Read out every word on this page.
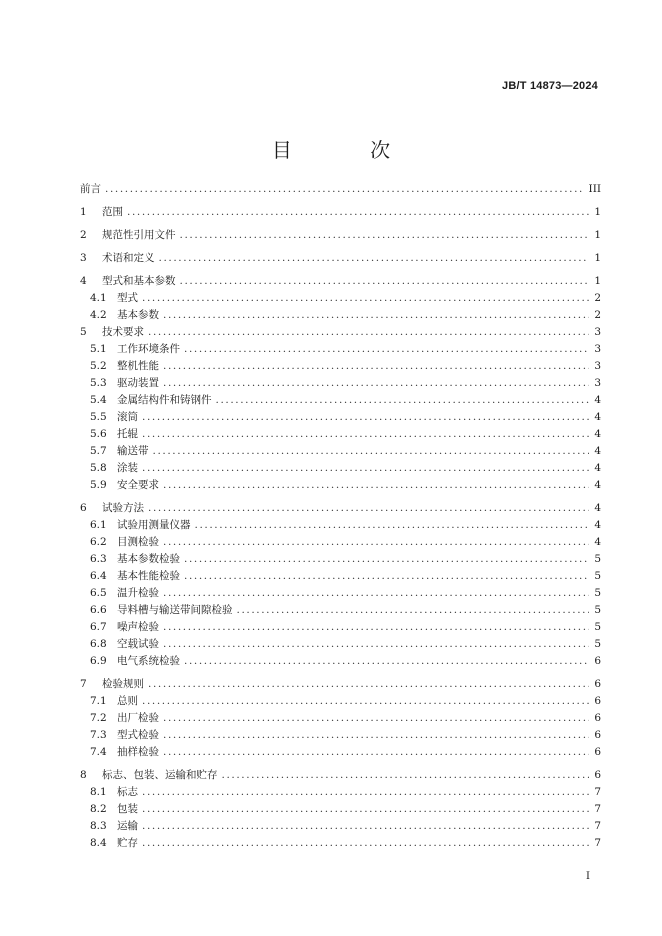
JB/T 14873—2024
目 次
前言 .....	III
1	范围 .....	1
2	规范性引用文件 .....	1
3	术语和定义 .....	1
4	型式和基本参数 .....	1
4.1 型式 .....	2
4.2 基本参数 .....	2
5	技术要求 .....	3
5.1 工作环境条件 .....	3
5.2 整机性能 .....	3
5.3 驱动装置 .....	3
5.4 金属结构件和铸钢件 .....	4
5.5 滚筒 .....	4
5.6 托辊 .....	4
5.7 输送带 .....	4
5.8 涂装 .....	4
5.9 安全要求 .....	4
6	试验方法 .....	4
6.1 试验用测量仪器 .....	4
6.2 目测检验 .....	4
6.3 基本参数检验 .....	5
6.4 基本性能检验 .....	5
6.5 温升检验 .....	5
6.6 导料槽与输送带间隙检验 .....	5
6.7 噪声检验 .....	5
6.8 空载试验 .....	5
6.9 电气系统检验 .....	6
7	检验规则 .....	6
7.1 总则 .....	6
7.2 出厂检验 .....	6
7.3 型式检验 .....	6
7.4 抽样检验 .....	6
8	标志、包装、运输和贮存 .....	6
8.1 标志 .....	7
8.2 包装 .....	7
8.3 运输 .....	7
8.4 贮存 .....	7
I
